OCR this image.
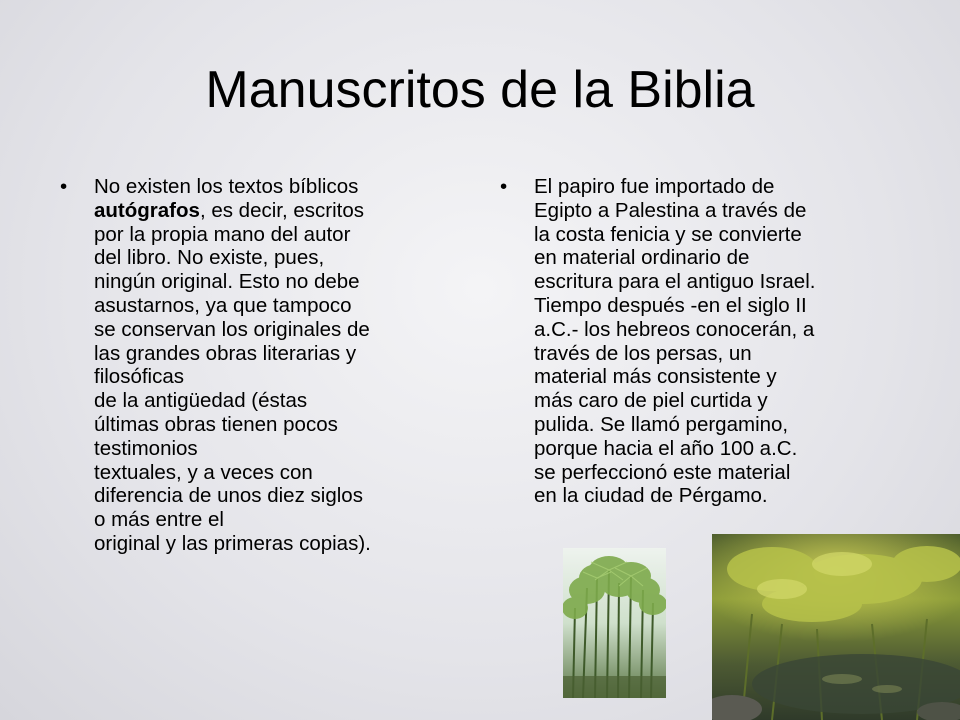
Manuscritos de la Biblia
•	No existen los textos bíblicos
autógrafos, es decir, escritos
por la propia mano del autor
del libro. No existe, pues,
ningún original. Esto no debe
asustarnos, ya que tampoco
se conservan los originales de
las grandes obras literarias y
filosóficas
de la antigüedad (éstas
últimas obras tienen pocos
testimonios
textuales, y a veces con
diferencia de unos diez siglos
o más entre el
original y las primeras copias).
•	El papiro fue importado de
Egipto a Palestina a través de
la costa fenicia y se convierte
en material ordinario de
escritura para el antiguo Israel.
Tiempo después -en el siglo II
a.C.- los hebreos conocerán, a
través de los persas, un
material más consistente y
más caro de piel curtida y
pulida. Se llamó pergamino,
porque hacia el año 100 a.C.
se perfeccionó este material
en la ciudad de Pérgamo.
